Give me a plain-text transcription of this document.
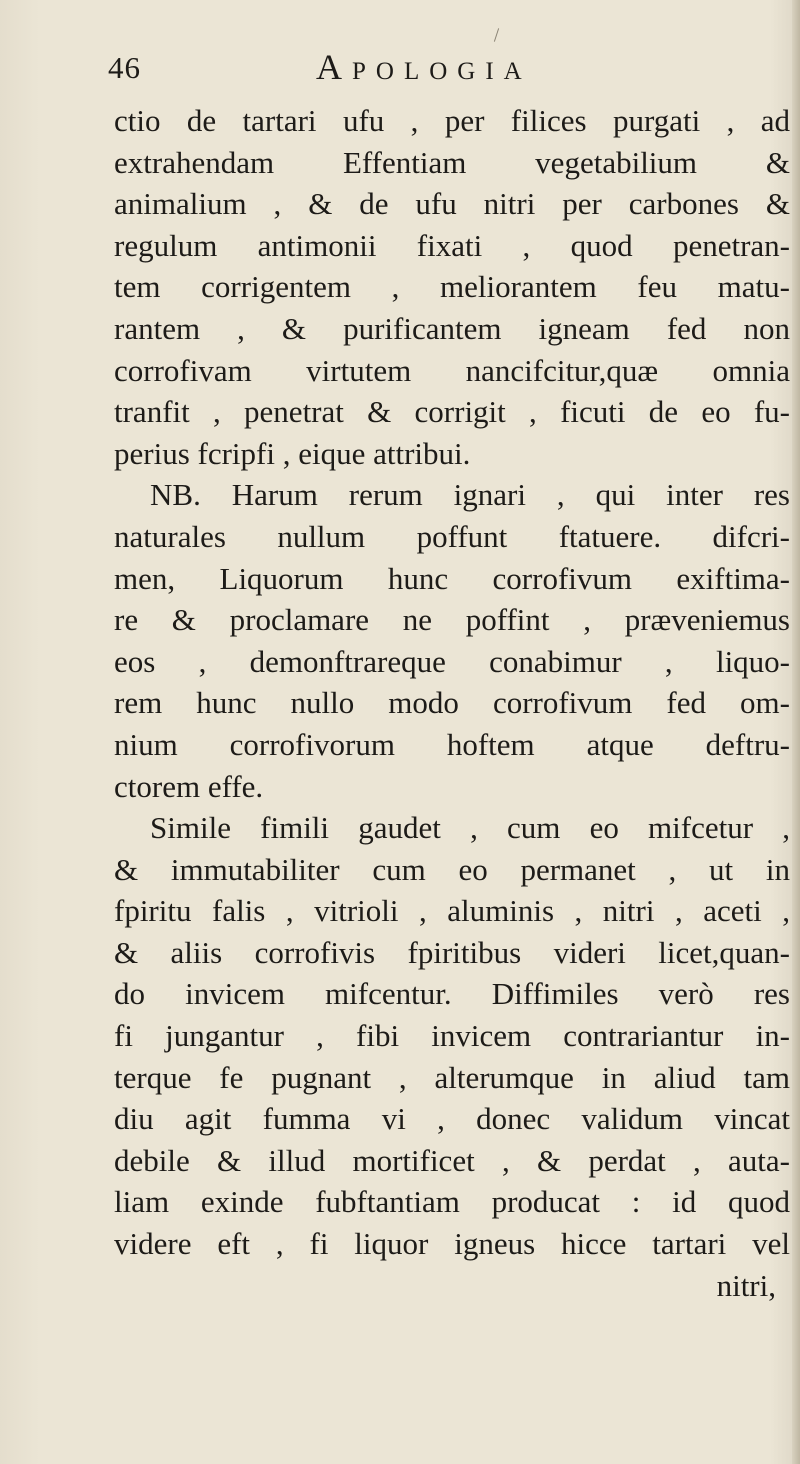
46	Apologia
ctio de tartari ufu , per filices purgati , ad
extrahendam Effentiam vegetabilium &
animalium , & de ufu nitri per carbones &
regulum antimonii fixati , quod penetran-
tem corrigentem , meliorantem feu matu-
rantem , & purificantem igneam fed non
corrofivam virtutem nancifcitur,quæ omnia
tranfit , penetrat & corrigit , ficuti de eo fu-
perius fcripfi , eique attribui.
NB. Harum rerum ignari , qui inter res
naturales nullum poffunt ftatuere. difcri-
men, Liquorum hunc corrofivum exiftima-
re & proclamare ne poffint , præveniemus
eos , demonftrareque conabimur , liquo-
rem hunc nullo modo corrofivum fed om-
nium corrofivorum hoftem atque deftru-
ctorem effe.
Simile fimili gaudet , cum eo mifcetur ,
& immutabiliter cum eo permanet , ut in
fpiritu falis , vitrioli , aluminis , nitri , aceti ,
& aliis corrofivis fpiritibus videri licet,quan-
do invicem mifcentur. Diffimiles verò res
fi jungantur , fibi invicem contrariantur in-
terque fe pugnant , alterumque in aliud tam
diu agit fumma vi , donec validum vincat
debile & illud mortificet , & perdat , auta-
liam exinde fubftantiam producat : id quod
videre eft , fi liquor igneus hicce tartari vel
nitri,
